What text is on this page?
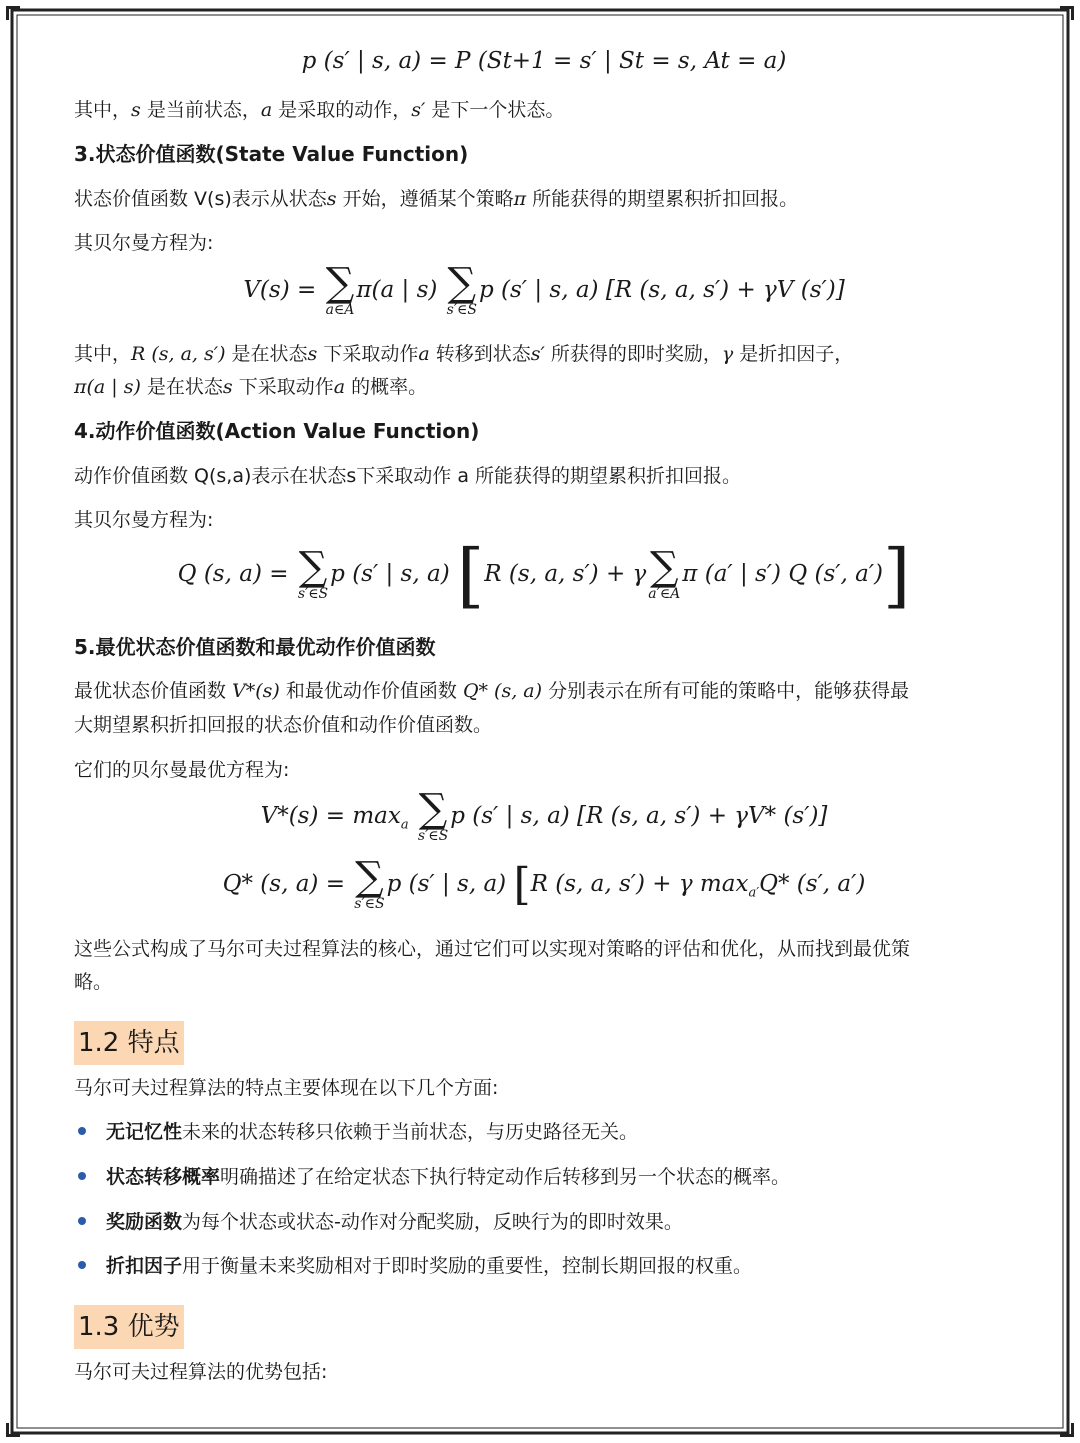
p (s′ | s, a) = P (St+1 = s′ | St = s, At = a)
其中，s 是当前状态，a 是采取的动作，s′ 是下一个状态。
3.状态价值函数(State Value Function)
状态价值函数 V(s)表示从状态s 开始，遵循某个策略π 所能获得的期望累积折扣回报。
其贝尔曼方程为:
V(s) = ∑
a∈A
π(a | s) ∑
s′∈S
p (s′ | s, a) [R (s, a, s′) + γV (s′)]
其中，R (s, a, s′) 是在状态s 下采取动作a 转移到状态s′ 所获得的即时奖励，γ 是折扣因子，
π(a | s) 是在状态s 下采取动作a 的概率。
4.动作价值函数(Action Value Function)
动作价值函数 Q(s,a)表示在状态s下采取动作 a 所能获得的期望累积折扣回报。
其贝尔曼方程为:
Q (s, a) = ∑
s′∈S
p (s′ | s, a) [R (s, a, s′) + γ ∑
a′∈A
π (a′ | s′) Q (s′, a′)]
5.最优状态价值函数和最优动作价值函数
最优状态价值函数 V*(s) 和最优动作价值函数 Q* (s, a) 分别表示在所有可能的策略中，能够获得最
大期望累积折扣回报的状态价值和动作价值函数。
它们的贝尔曼最优方程为:
$V*(s) = \max_a$ ∑
s′∈S
p (s′ | s, a) [R (s, a, s′) + γV* (s′)]
Q* (s, a) = ∑
s′∈S
p (s′ | s, a) [R (s, a, s′) + γ $\max_{a'}Q*$ (s′, a′)
这些公式构成了马尔可夫过程算法的核心，通过它们可以实现对策略的评估和优化，从而找到最优策
略。
1.2 特点
马尔可夫过程算法的特点主要体现在以下几个方面:
无记忆性未来的状态转移只依赖于当前状态，与历史路径无关。
状态转移概率明确描述了在给定状态下执行特定动作后转移到另一个状态的概率。
奖励函数为每个状态或状态-动作对分配奖励，反映行为的即时效果。
折扣因子用于衡量未来奖励相对于即时奖励的重要性，控制长期回报的权重。
1.3 优势
马尔可夫过程算法的优势包括:
